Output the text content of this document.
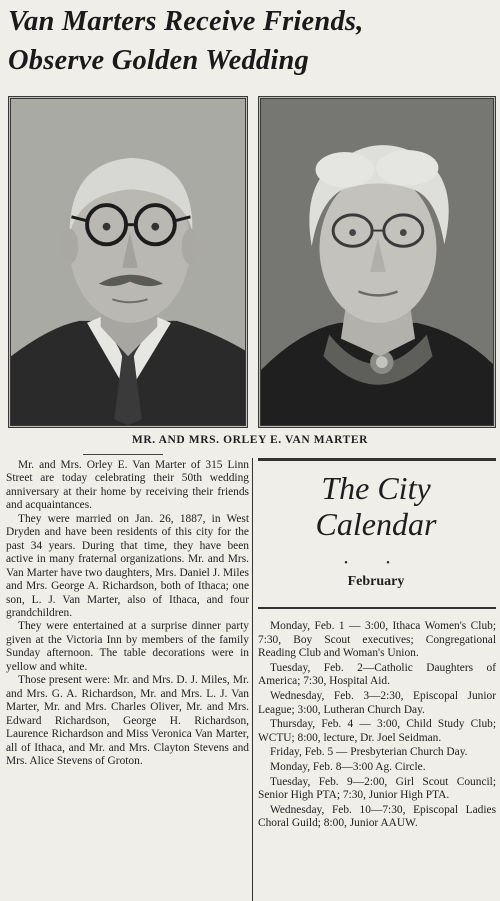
Van Marters Receive Friends,
Observe Golden Wedding
MR. AND MRS. ORLEY E. VAN MARTER

Mr. and Mrs. Orley E. Van Marter of 315 Linn Street are today celebrating their 50th wedding anniversary at their home by receiving their friends and acquaintances.

They were married on Jan. 26, 1887, in West Dryden and have been residents of this city for the past 34 years. During that time, they have been active in many fraternal organizations. Mr. and Mrs. Van Marter have two daughters, Mrs. Daniel J. Miles and Mrs. George A. Richardson, both of Ithaca; one son, L. J. Van Marter, also of Ithaca, and four grandchildren.

They were entertained at a surprise dinner party given at the Victoria Inn by members of the family Sunday afternoon. The table decorations were in yellow and white.

Those present were: Mr. and Mrs. D. J. Miles, Mr. and Mrs. G. A. Richardson, Mr. and Mrs. L. J. Van Marter, Mr. and Mrs. Charles Oliver, Mr. and Mrs. Edward Richardson, George H. Richardson, Laurence Richardson and Miss Veronica Van Marter, all of Ithaca, and Mr. and Mrs. Clayton Stevens and Mrs. Alice Stevens of Groton.

The City
Calendar
• •
February

Monday, Feb. 1 — 3:00, Ithaca Women's Club; 7:30, Boy Scout executives; Congregational Reading Club and Woman's Union.

Tuesday, Feb. 2—Catholic Daughters of America; 7:30, Hospital Aid.

Wednesday, Feb. 3—2:30, Episcopal Junior League; 3:00, Lutheran Church Day.

Thursday, Feb. 4 — 3:00, Child Study Club; WCTU; 8:00, lecture, Dr. Joel Seidman.

Friday, Feb. 5 — Presbyterian Church Day.

Monday, Feb. 8—3:00 Ag. Circle.

Tuesday, Feb. 9—2:00, Girl Scout Council; Senior High PTA; 7:30, Junior High PTA.

Wednesday, Feb. 10—7:30, Episcopal Ladies Choral Guild; 8:00, Junior AAUW.
